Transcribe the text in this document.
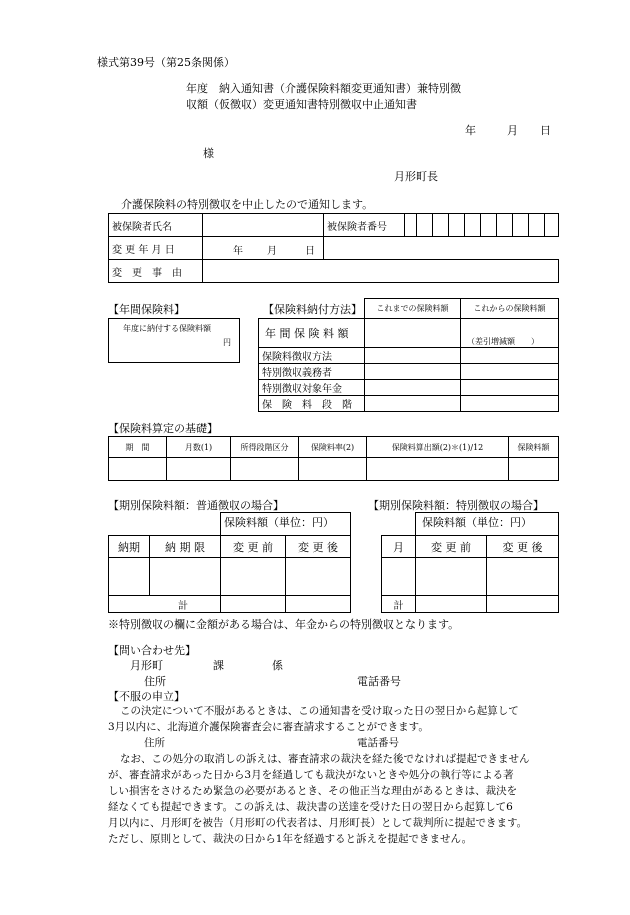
様式第39号（第25条関係）
年度　納入通知書（介護保険料額変更通知書）兼特別徴
収額（仮徴収）変更通知書特別徴収中止通知書
年	月 日
様
月形町長
介護保険料の特別徴収を中止したので通知します。
被保険者氏名		被保険者番号										
変 更 年 月 日	年 月 日											

変　更　事　由												
【年間保険料】
年度に納付する保険料額
円
【保険料納付方法】 これまでの保険料額	これからの保険料額
年 間 保 険 料 額		（差引増減額　　）

保険料徴収方法		
特別徴収義務者		
特別徴収対象年金		
保　険　料　段　階		
【保険料算定の基礎】
期　間	月数(1)	所得段階区分	保険料率(2)	保険料算出額(2)＊(1)/12	保険料額

【期別保険料額：普通徴収の場合】
保険料額（単位：円）

納期	納 期 限	変 更 前	変 更 後

計			
【期別保険料額：特別徴収の場合】
保険料額（単位：円）

月	変 更 前	変 更 後

計		
※特別徴収の欄に金額がある場合は、年金からの特別徴収となります。
【問い合わせ先】
月形町	課	係
住所	電話番号
【不服の申立】
この決定について不服があるときは、この通知書を受け取った日の翌日から起算して
3月以内に、北海道介護保険審査会に審査請求することができます。
住所	電話番号
なお、この処分の取消しの訴えは、審査請求の裁決を経た後でなければ提起できません
が、審査請求があった日から3月を経過しても裁決がないときや処分の執行等による著
しい損害をさけるため緊急の必要があるとき、その他正当な理由があるときは、裁決を
経なくても提起できます。この訴えは、裁決書の送達を受けた日の翌日から起算して6
月以内に、月形町を被告（月形町の代表者は、月形町長）として裁判所に提起できます。
ただし、原則として、裁決の日から1年を経過すると訴えを提起できません。
